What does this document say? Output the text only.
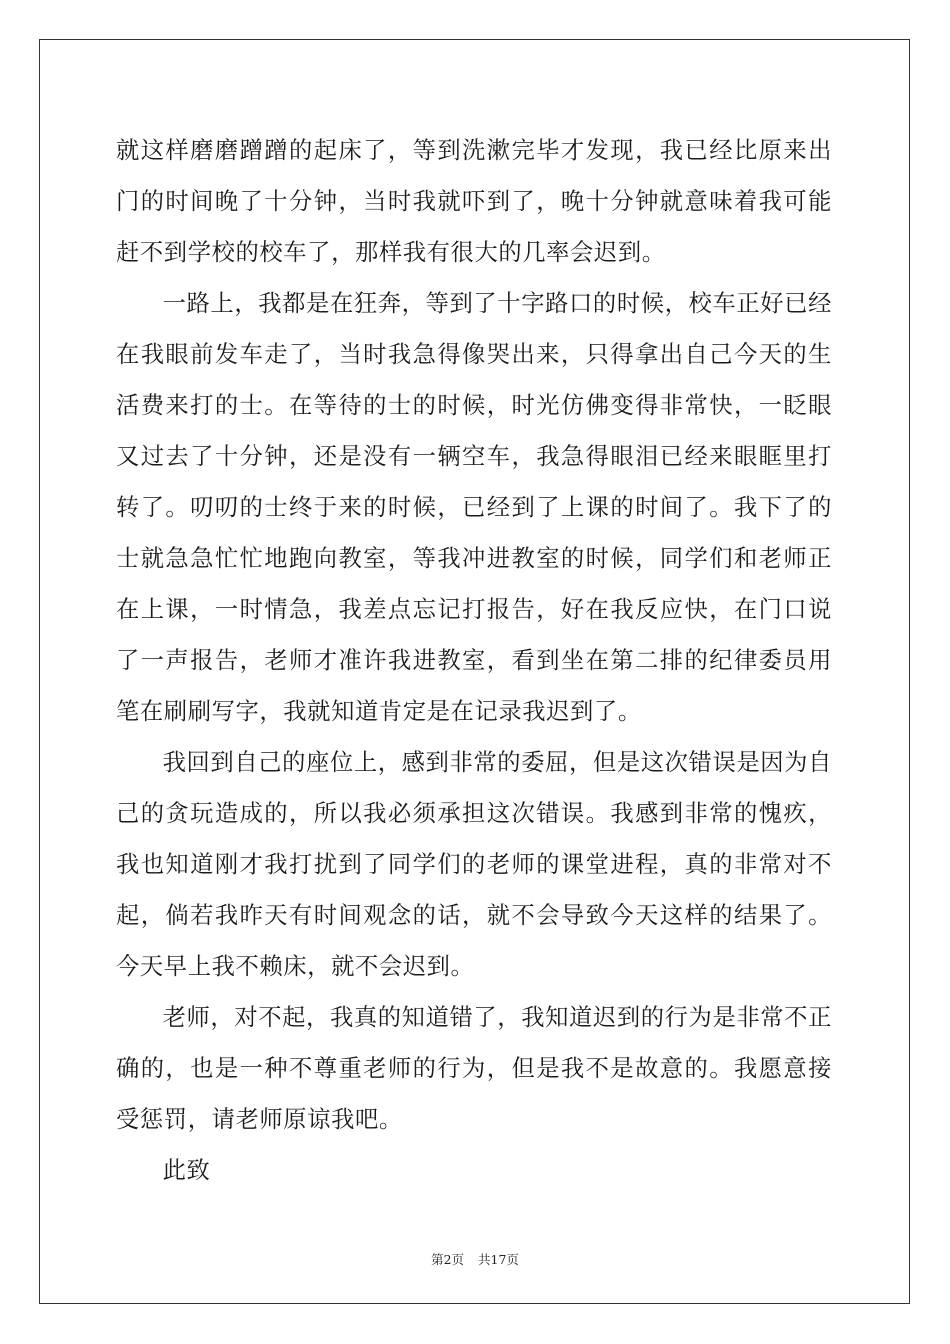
就这样磨磨蹭蹭的起床了，等到洗漱完毕才发现，我已经比原来出门的时间晚了十分钟，当时我就吓到了，晚十分钟就意味着我可能赶不到学校的校车了，那样我有很大的几率会迟到。

一路上，我都是在狂奔，等到了十字路口的时候，校车正好已经在我眼前发车走了，当时我急得像哭出来，只得拿出自己今天的生活费来打的士。在等待的士的时候，时光仿佛变得非常快，一眨眼又过去了十分钟，还是没有一辆空车，我急得眼泪已经来眼眶里打转了。叨叨的士终于来的时候，已经到了上课的时间了。我下了的士就急急忙忙地跑向教室，等我冲进教室的时候，同学们和老师正在上课，一时情急，我差点忘记打报告，好在我反应快，在门口说了一声报告，老师才准许我进教室，看到坐在第二排的纪律委员用笔在刷刷写字，我就知道肯定是在记录我迟到了。

我回到自己的座位上，感到非常的委屈，但是这次错误是因为自己的贪玩造成的，所以我必须承担这次错误。我感到非常的愧疚，我也知道刚才我打扰到了同学们的老师的课堂进程，真的非常对不起，倘若我昨天有时间观念的话，就不会导致今天这样的结果了。今天早上我不赖床，就不会迟到。

老师，对不起，我真的知道错了，我知道迟到的行为是非常不正确的，也是一种不尊重老师的行为，但是我不是故意的。我愿意接受惩罚，请老师原谅我吧。

此致

第2页 共17页
